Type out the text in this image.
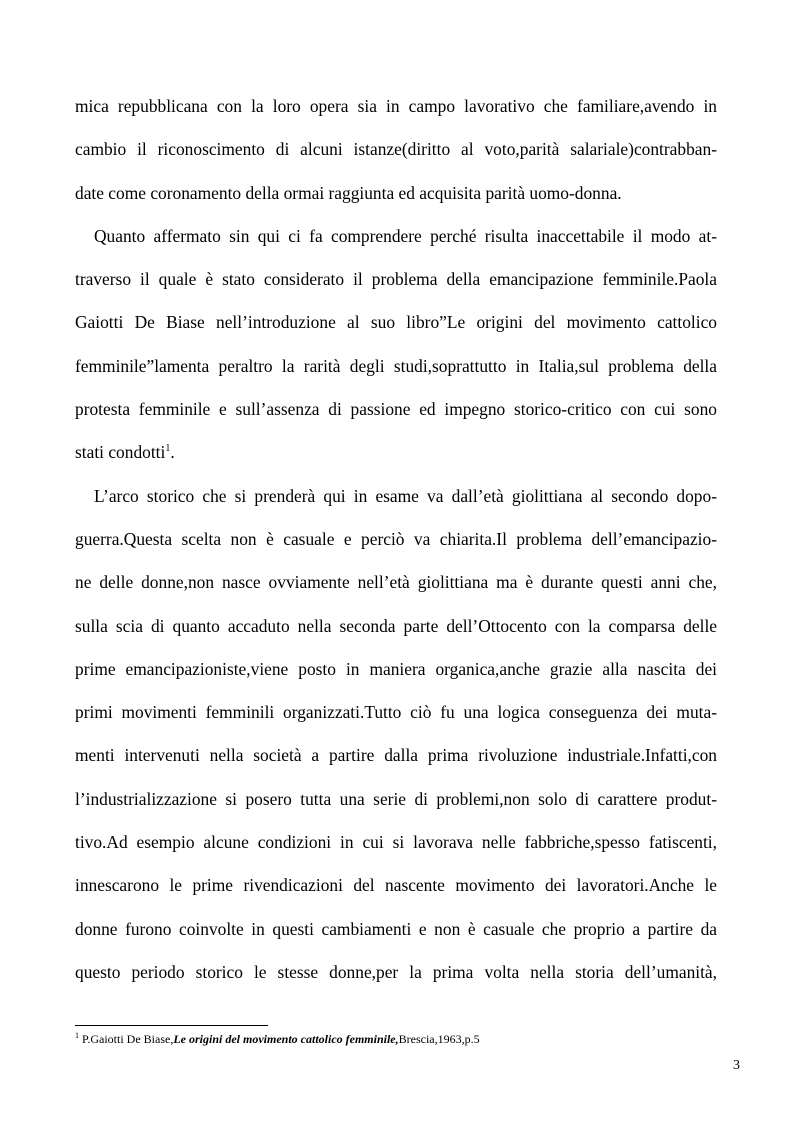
mica repubblicana con la loro opera sia in campo lavorativo che familiare,avendo in
cambio il riconoscimento di alcuni istanze(diritto al voto,parità salariale)contrabban-
date come coronamento della ormai raggiunta ed acquisita parità uomo-donna.
Quanto affermato sin qui ci fa comprendere perché risulta inaccettabile il modo at-
traverso il quale è stato considerato il problema della emancipazione femminile.Paola
Gaiotti De Biase nell’introduzione al suo libro”Le origini del movimento cattolico
femminile”lamenta peraltro la rarità degli studi,soprattutto in Italia,sul problema della
protesta femminile e sull’assenza di passione ed impegno storico-critico con cui sono
stati condotti$^1$.
L’arco storico che si prenderà qui in esame va dall’età giolittiana al secondo dopo-
guerra.Questa scelta non è casuale e perciò va chiarita.Il problema dell’emancipazio-
ne delle donne,non nasce ovviamente nell’età giolittiana ma è durante questi anni che,
sulla scia di quanto accaduto nella seconda parte dell’Ottocento con la comparsa delle
prime emancipazioniste,viene posto in maniera organica,anche grazie alla nascita dei
primi movimenti femminili organizzati.Tutto ciò fu una logica conseguenza dei muta-
menti intervenuti nella società a partire dalla prima rivoluzione industriale.Infatti,con
l’industrializzazione si posero tutta una serie di problemi,non solo di carattere produt-
tivo.Ad esempio alcune condizioni in cui si lavorava nelle fabbriche,spesso fatiscenti,
innescarono le prime rivendicazioni del nascente movimento dei lavoratori.Anche le
donne furono coinvolte in questi cambiamenti e non è casuale che proprio a partire da
questo periodo storico le stesse donne,per la prima volta nella storia dell’umanità,
$^1$ P.Gaiotti De Biase,Le origini del movimento cattolico femminile,Brescia,1963,p.5
3
